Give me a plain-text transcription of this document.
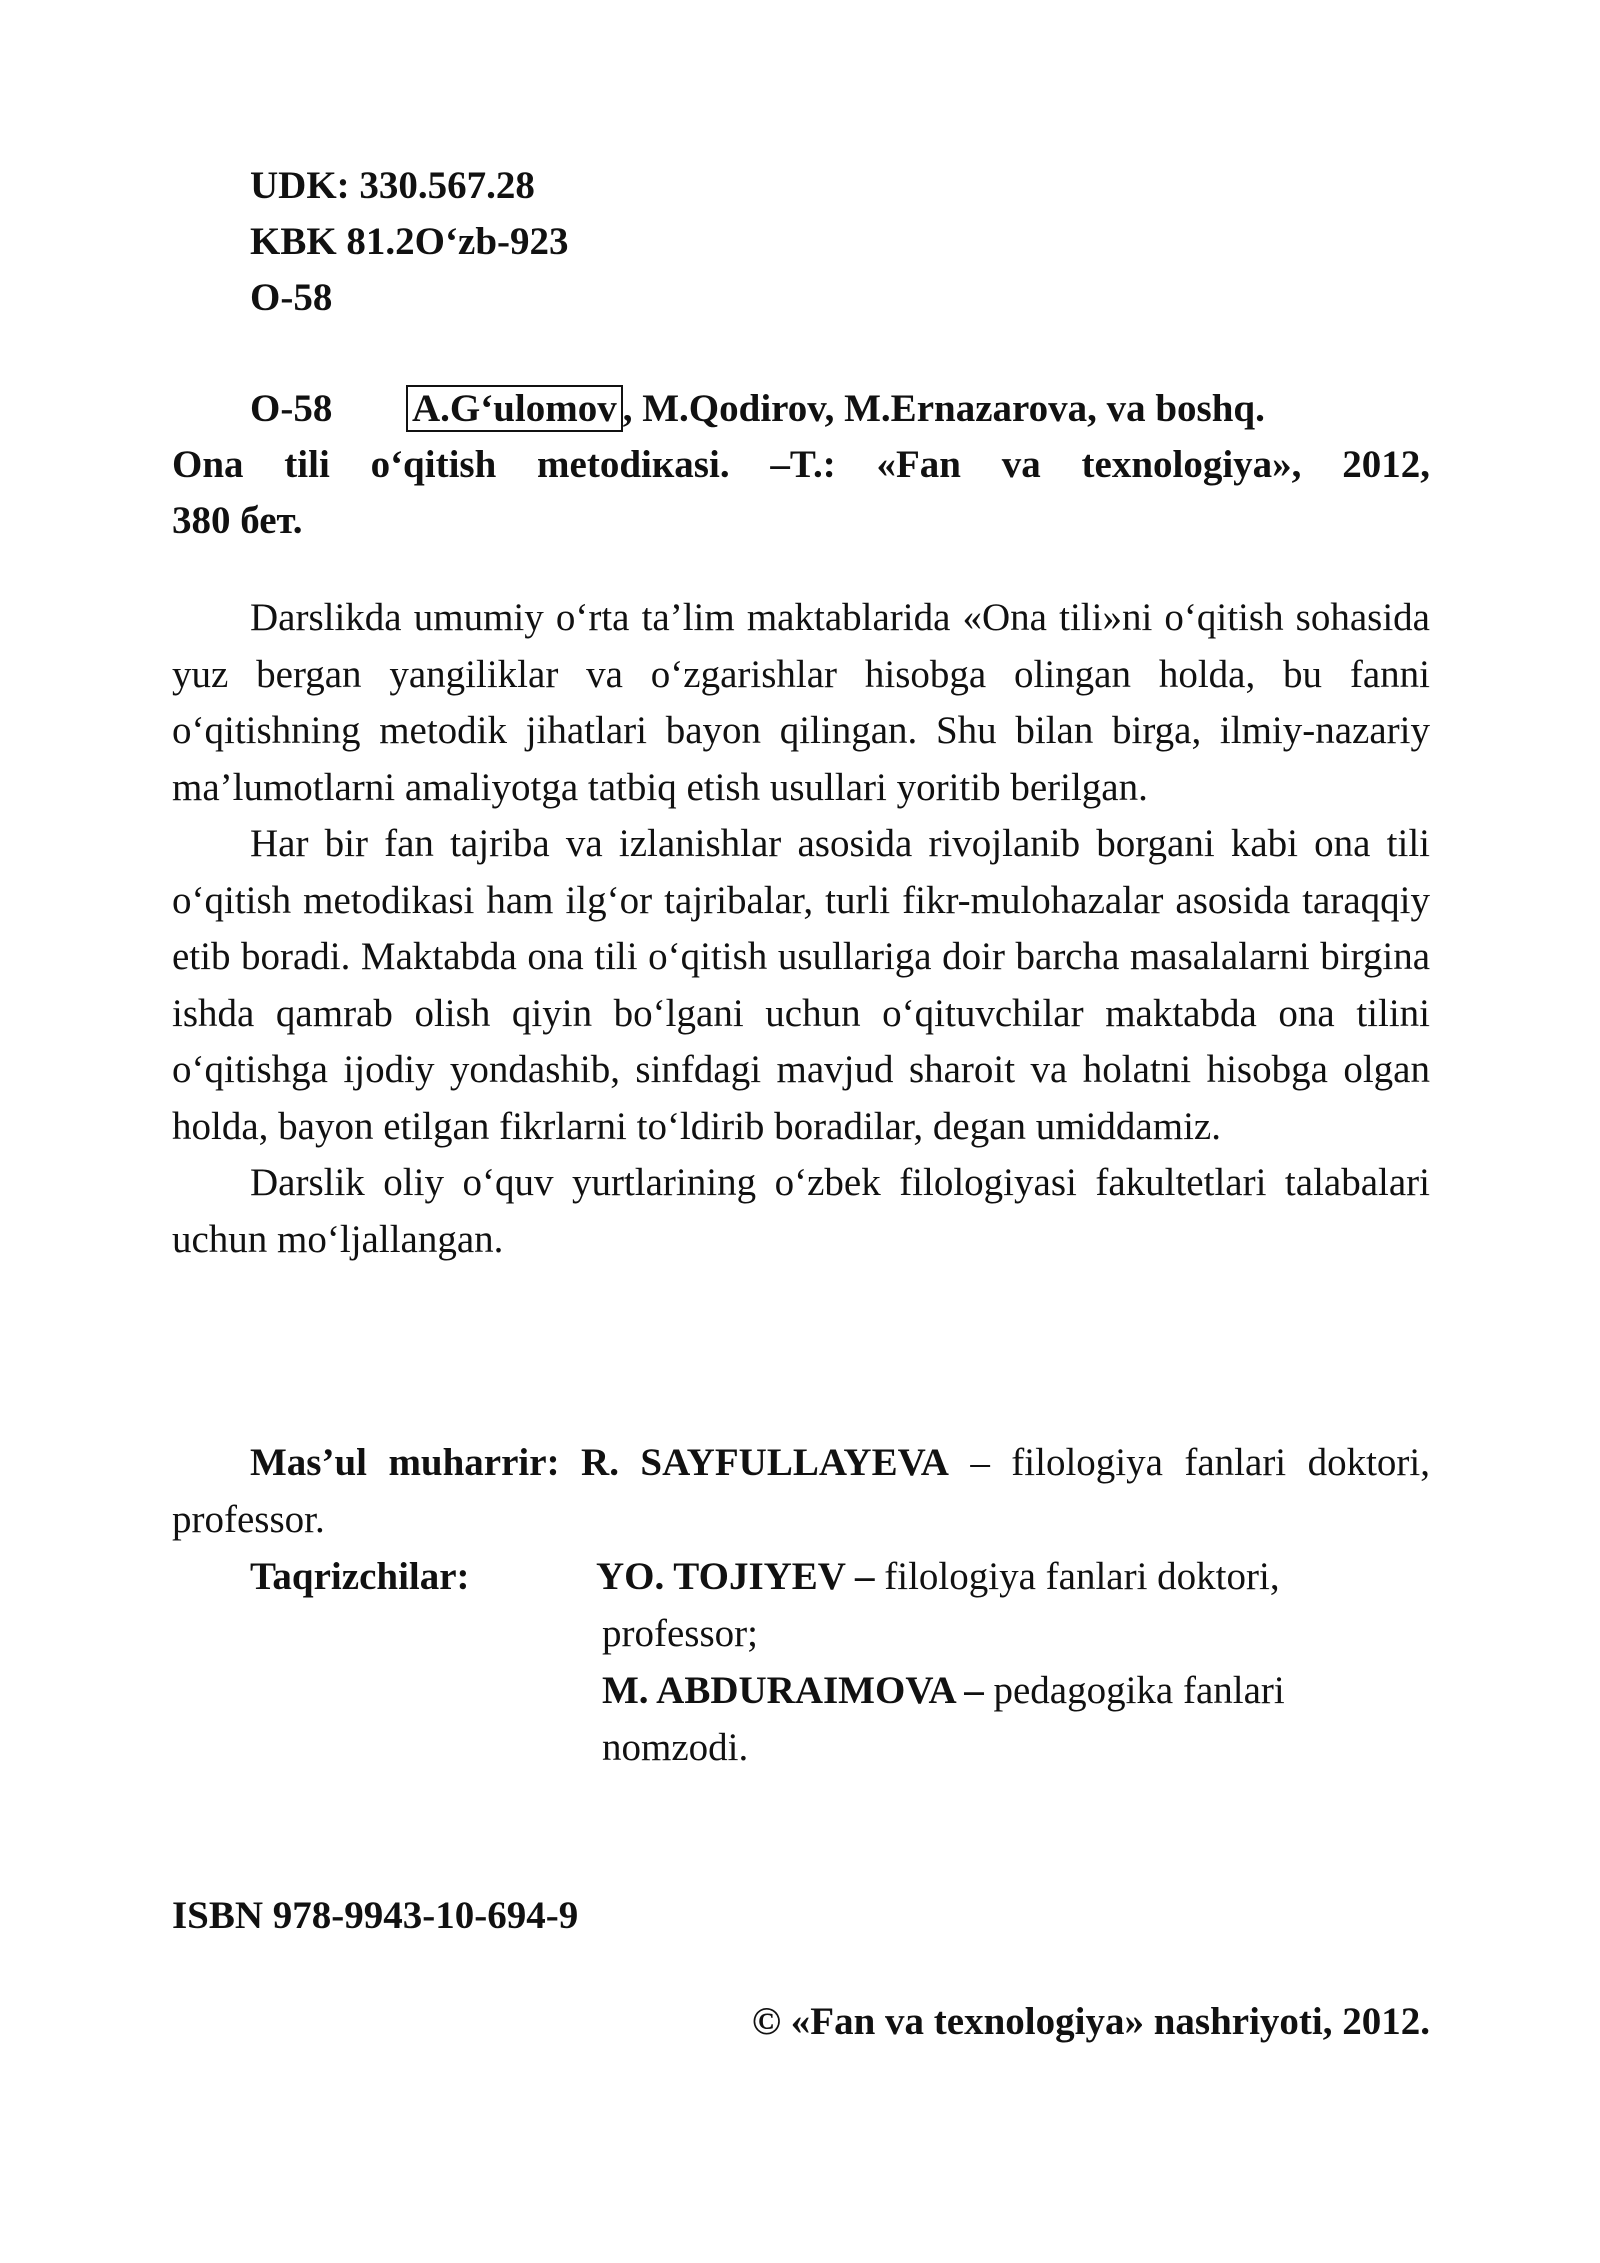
UDK: 330.567.28
KBK 81.2O‘zb-923
O-58
O-58 A.G‘ulomov , M.Qodirov, M.Ernazarova, va boshq.
Ona tili o‘qitish metodiкasi. –T.: «Fan va texnologiya», 2012,
380 бет.

Darslikda umumiy o‘rta ta’lim maktablarida «Ona tili»ni o‘qitish sohasida yuz bergan yangiliklar va o‘zgarishlar hisobga olingan holda, bu fanni o‘qitishning metodik jihatlari bayon qilingan. Shu bilan birga, ilmiy-nazariy ma’lumotlarni amaliyotga tatbiq etish usullari yoritib berilgan.

Har bir fan tajriba va izlanishlar asosida rivojlanib borgani kabi ona tili o‘qitish metodikasi ham ilg‘or tajribalar, turli fikr-mulohazalar asosida taraqqiy etib boradi. Maktabda ona tili o‘qitish usullariga doir barcha masalalarni birgina ishda qamrab olish qiyin bo‘lgani uchun o‘qituvchilar maktabda ona tilini o‘qitishga ijodiy yondashib, sinfdagi mavjud sharoit va holatni hisobga olgan holda, bayon etilgan fikrlarni to‘ldirib boradilar, degan umiddamiz.

Darslik oliy o‘quv yurtlarining o‘zbek filologiyasi fakultetlari talabalari uchun mo‘ljallangan.

Mas’ul muharrir: R. SAYFULLAYEVA – filologiya fanlari doktori, professor.
Taqrizchilar:	YO. TOJIYEV – filologiya fanlari doktori,
professor;
M. ABDURAIMOVA – pedagogika fanlari
nomzodi.
ISBN 978-9943-10-694-9
© «Fan va texnologiya» nashriyoti, 2012.
